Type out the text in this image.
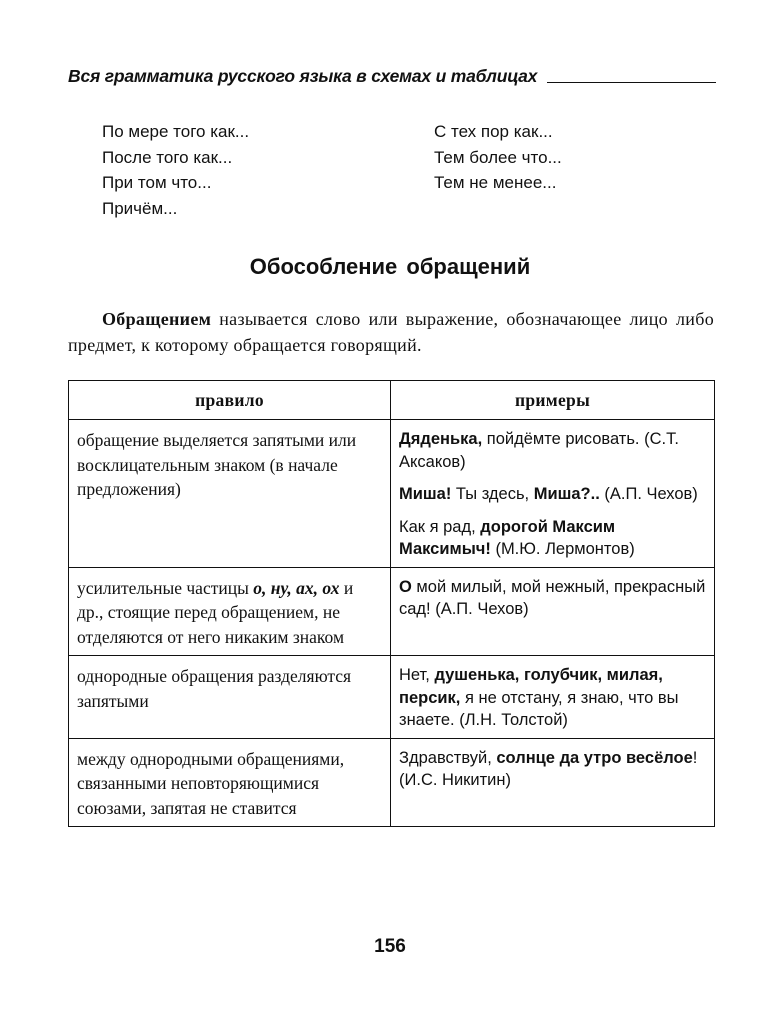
Вся грамматика русского языка в схемах и таблицах
По мере того как...
После того как...
При том что...
Причём...
С тех пор как...
Тем более что...
Тем не менее...
Обособление обращений
Обращением называется слово или выражение, обозначающее лицо либо предмет, к которому обращается говорящий.
правило	примеры
обращение выделяется запятыми или восклицательным знаком (в начале предложения)	Дяденька, пойдёмте рисовать. (С.Т. Аксаков)
Миша! Ты здесь, Миша?.. (А.П. Чехов)
Как я рад, дорогой Максим Максимыч! (М.Ю. Лермонтов)

усилительные частицы о, ну, ах, ох и др., стоящие перед обращением, не отделяются от него никаким знаком	О мой милый, мой нежный, прекрасный сад! (А.П. Чехов)

однородные обращения разделяются запятыми	Нет, душенька, голубчик, милая, персик, я не отстану, я знаю, что вы знаете. (Л.Н. Толстой)

между однородными обращениями, связанными неповторяющимися союзами, запятая не ставится	Здравствуй, солнце да утро весёлое! (И.С. Никитин)
156
